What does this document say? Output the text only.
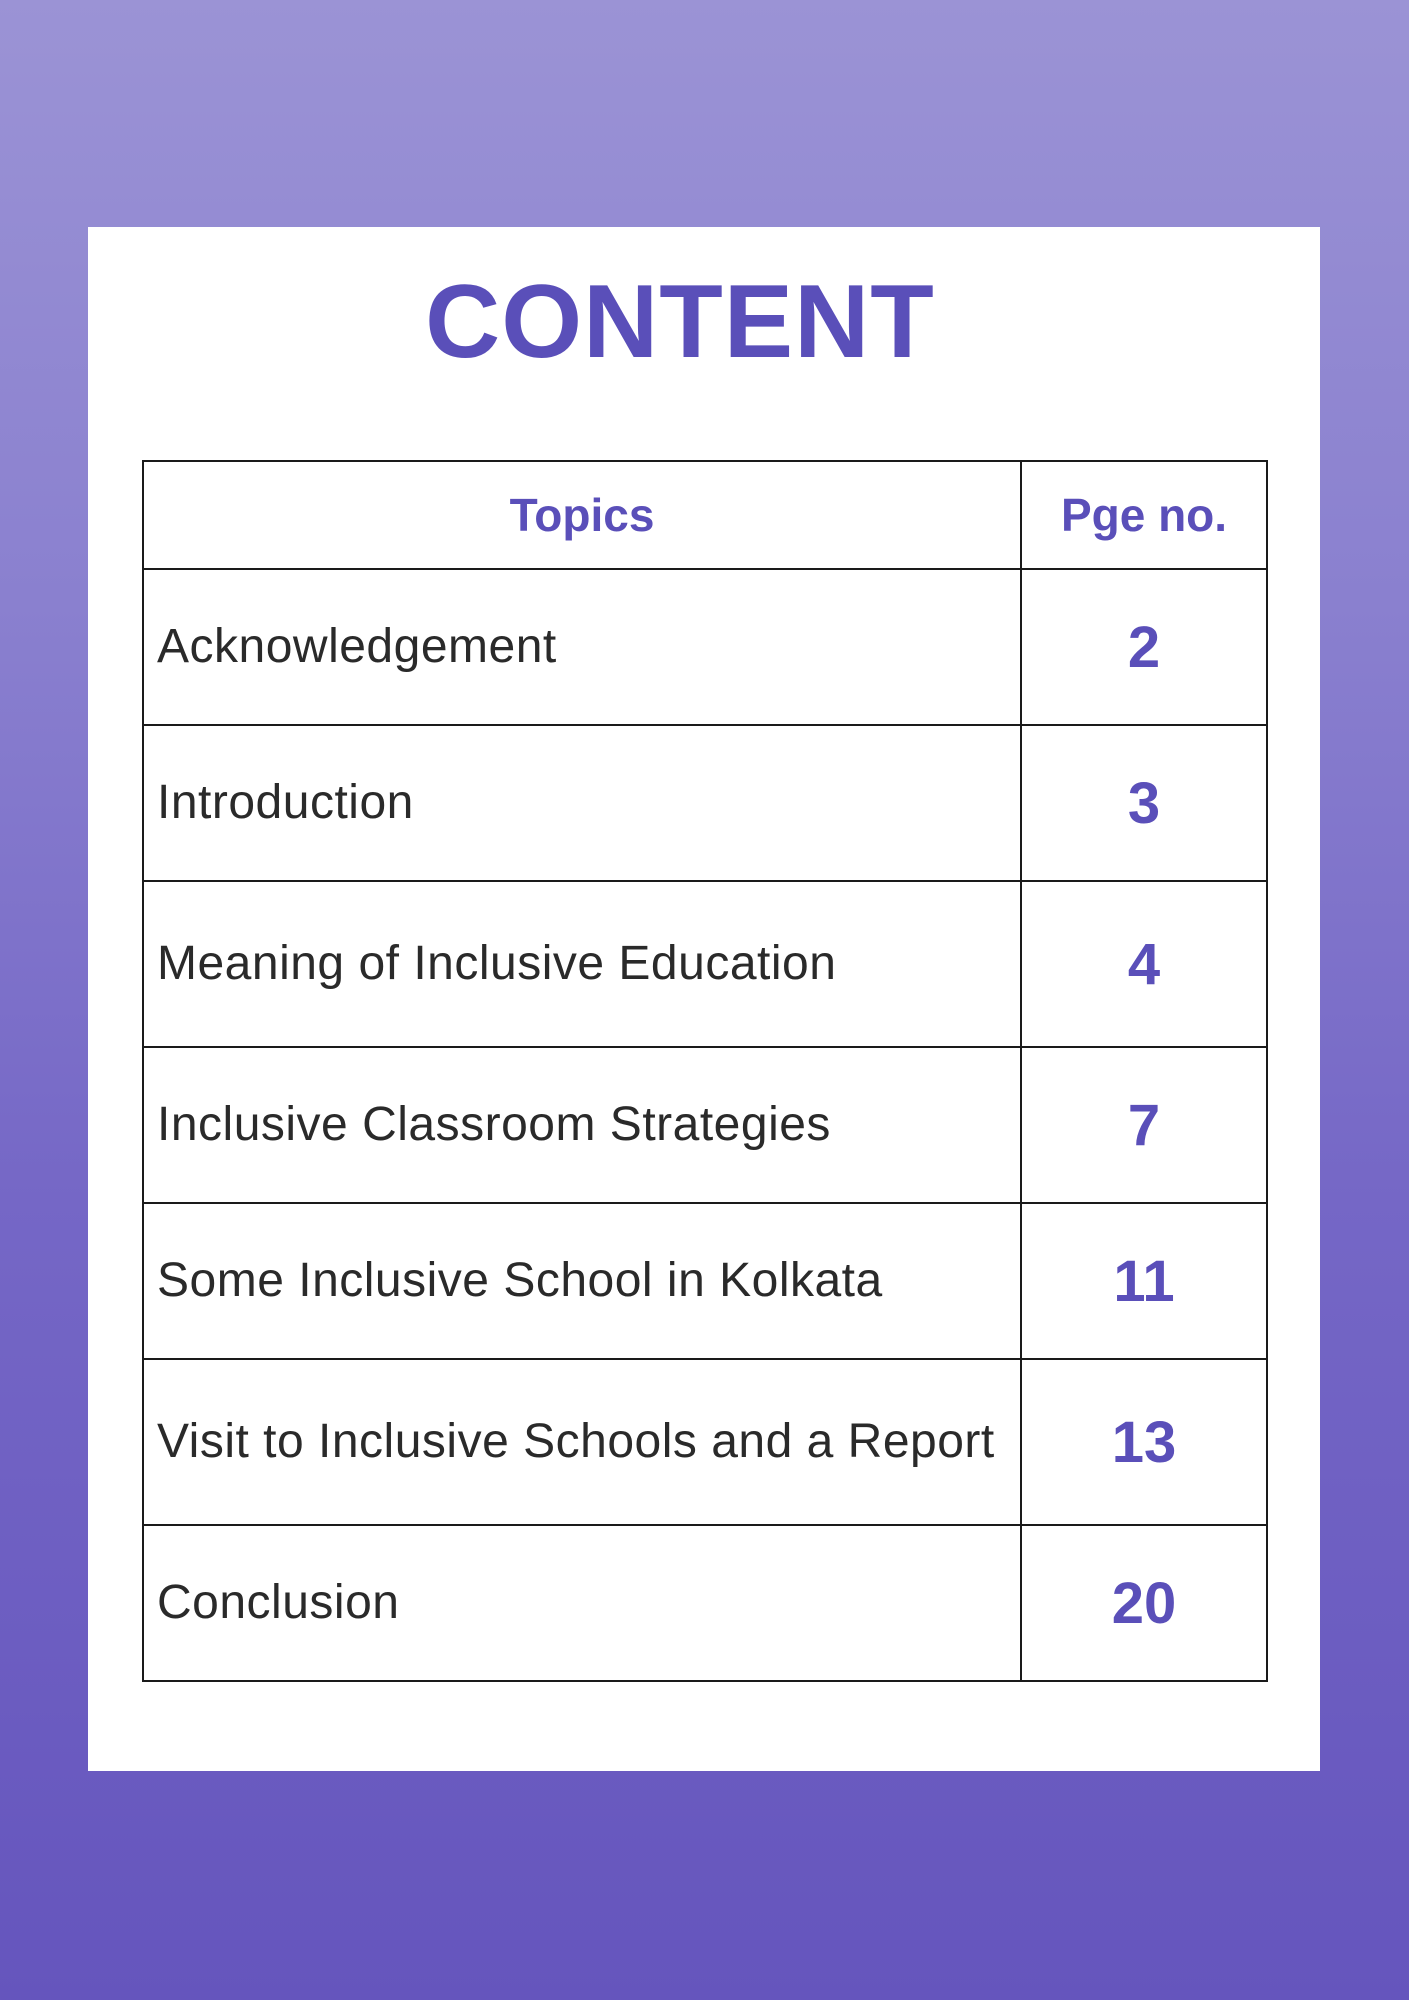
CONTENT
Topics	Pge no.
Acknowledgement	2
Introduction	3
Meaning of Inclusive Education	4
Inclusive Classroom Strategies	7
Some Inclusive School in Kolkata	11
Visit to Inclusive Schools and a Report	13
Conclusion	20
